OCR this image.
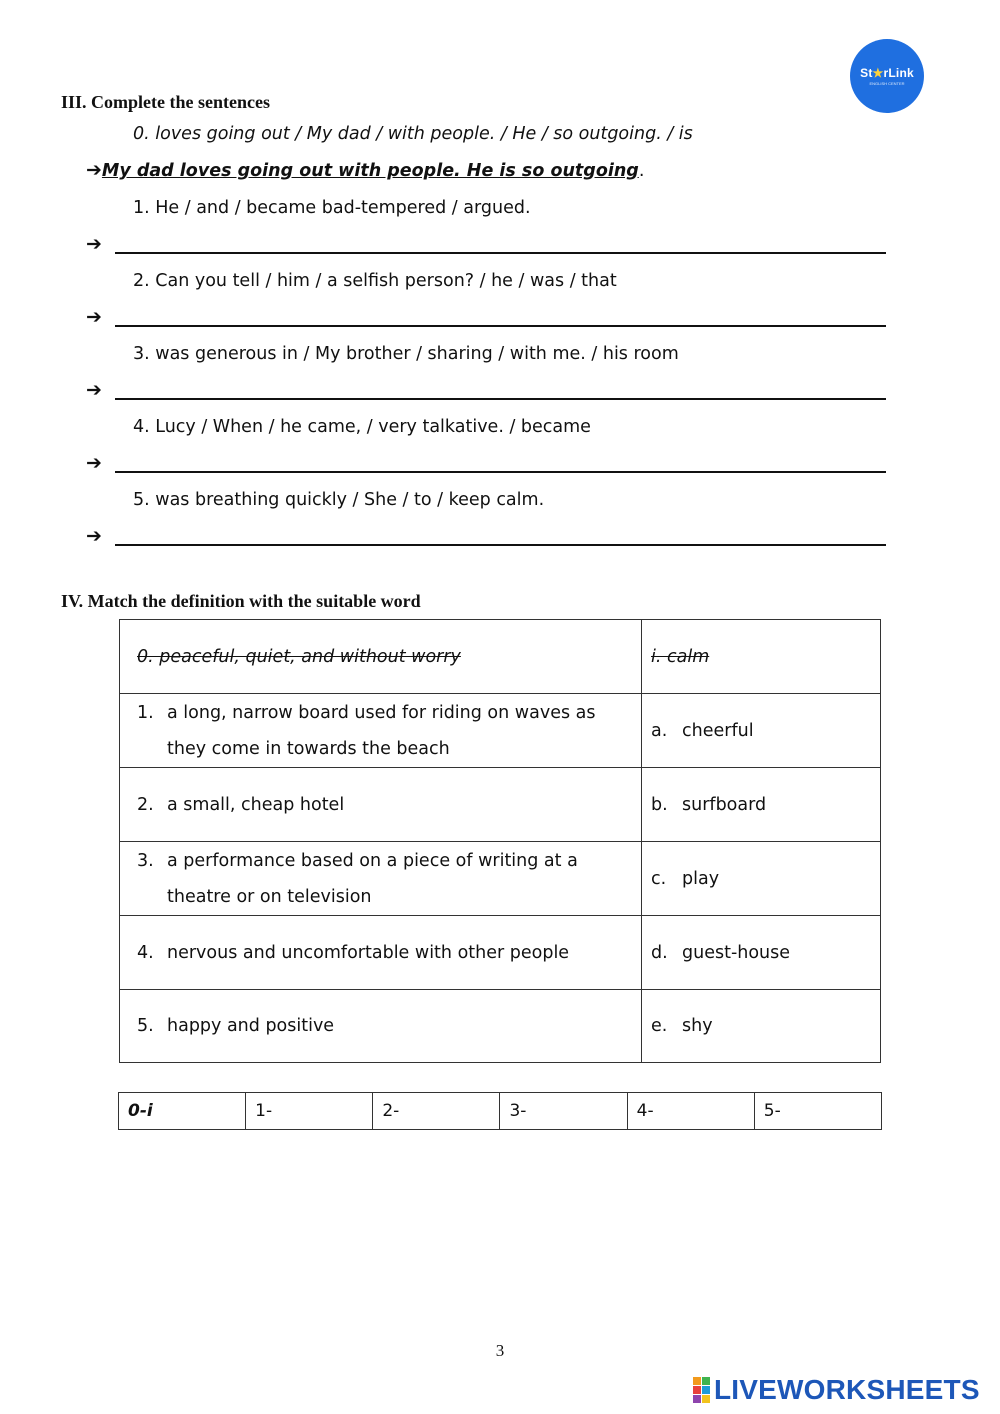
St★rLink
ENGLISH CENTER
III. Complete the sentences
0. loves going out / My dad / with people. / He / so outgoing. / is
➔My dad loves going out with people. He is so outgoing.
1. He / and / became bad-tempered / argued.
➔
2. Can you tell / him / a selfish person? / he / was / that
➔
3. was generous in / My brother / sharing / with me. / his room
➔
4. Lucy / When / he came, / very talkative. / became
➔
5. was breathing quickly / She / to / keep calm.
➔
IV. Match the definition with the suitable word
0. peaceful, quiet, and without worry	i. calm

1. a long, narrow board used for riding on waves as they come in towards the beach	a. cheerful

2. a small, cheap hotel	b. surfboard

3. a performance based on a piece of writing at a theatre or on television	c. play

4. nervous and uncomfortable with other people	d. guest-house

5. happy and positive	e. shy
0-i	1-	2-	3-	4-	5-
3
LIVEWORKSHEETS
